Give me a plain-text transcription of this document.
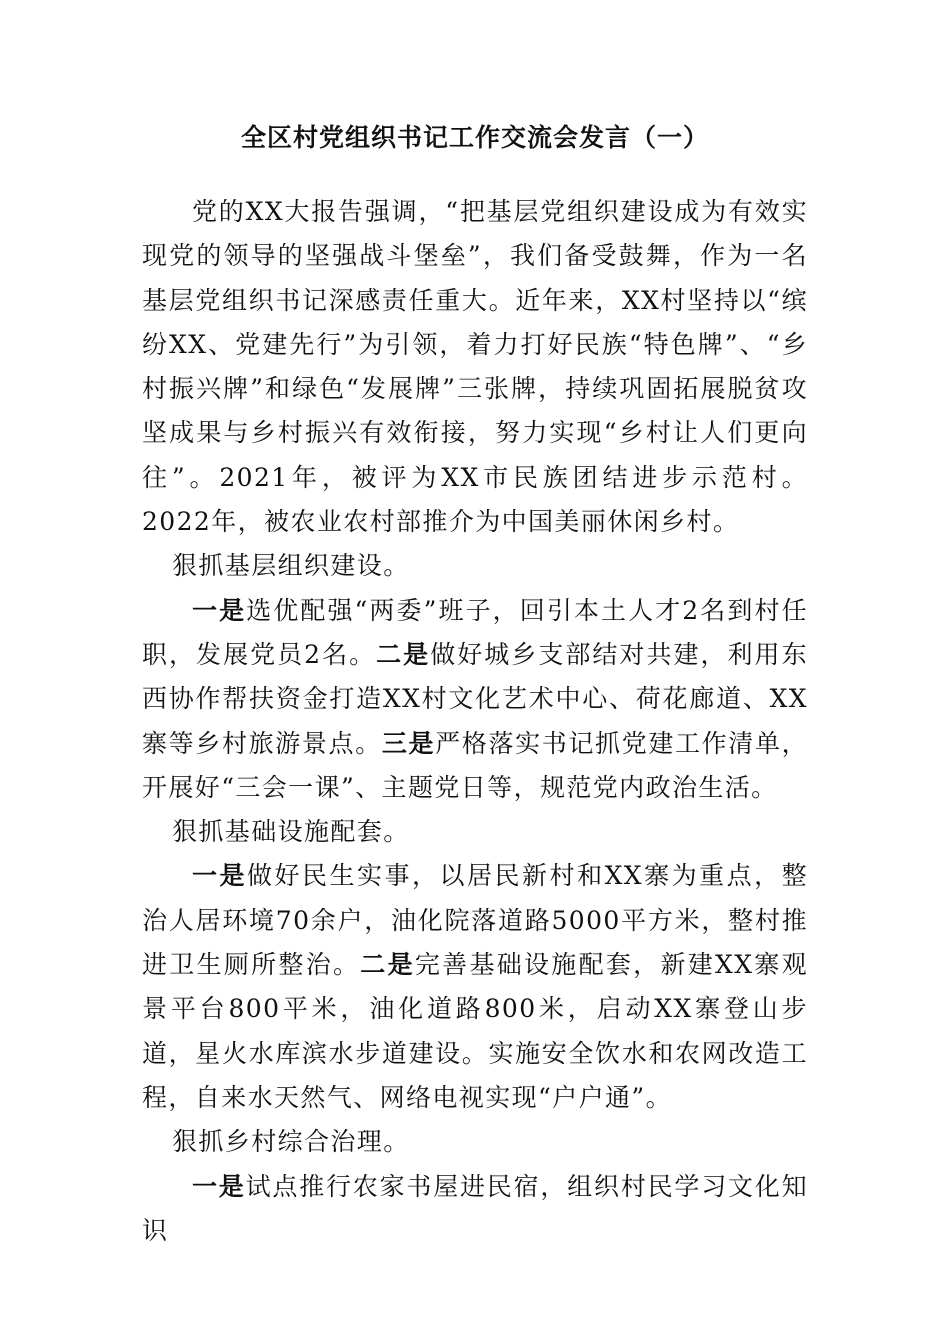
全区村党组织书记工作交流会发言（一）

党的XX大报告强调，“把基层党组织建设成为有效实现党的领导的坚强战斗堡垒”，我们备受鼓舞，作为一名基层党组织书记深感责任重大。近年来，XX村坚持以“缤纷XX、党建先行”为引领，着力打好民族“特色牌”、“乡村振兴牌”和绿色“发展牌”三张牌，持续巩固拓展脱贫攻坚成果与乡村振兴有效衔接，努力实现“乡村让人们更向往”。2021年，被评为XX市民族团结进步示范村。2022年，被农业农村部推介为中国美丽休闲乡村。

狠抓基层组织建设。

一是选优配强“两委”班子，回引本土人才2名到村任职，发展党员2名。二是做好城乡支部结对共建，利用东西协作帮扶资金打造XX村文化艺术中心、荷花廊道、XX寨等乡村旅游景点。三是严格落实书记抓党建工作清单，开展好“三会一课”、主题党日等，规范党内政治生活。

狠抓基础设施配套。

一是做好民生实事，以居民新村和XX寨为重点，整治人居环境70余户，油化院落道路5000平方米，整村推进卫生厕所整治。二是完善基础设施配套，新建XX寨观景平台800平米，油化道路800米，启动XX寨登山步道，星火水库滨水步道建设。实施安全饮水和农网改造工程，自来水天然气、网络电视实现“户户通”。

狠抓乡村综合治理。

一是试点推行农家书屋进民宿，组织村民学习文化知识
